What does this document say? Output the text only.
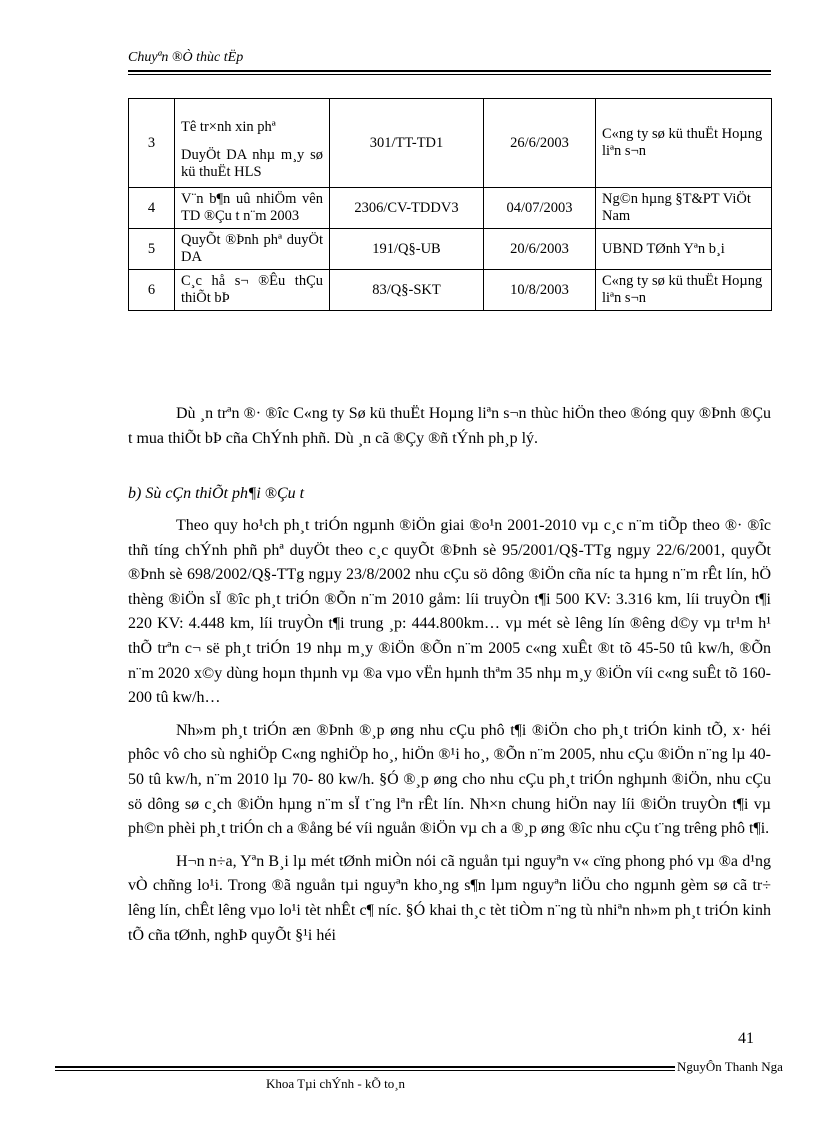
Chuyªn ®Ò thùc tËp
3	Tê tr×nh xin phª
DuyÖt DA nhµ m¸y sø kü thuËt HLS	301/TT-TD1	26/6/2003	C«ng ty sø kü thuËt Hoµng liªn s¬n
4	V¨n b¶n uû nhiÖm vên TD ®Çu t n¨m 2003	2306/CV-TDDV3	04/07/2003	Ng©n hµng §T&PT ViÖt Nam
5	QuyÕt ®Þnh phª duyÖt DA	191/Q§-UB	20/6/2003	UBND TØnh Yªn b¸i
6	C¸c hå s¬ ®Êu thÇu thiÕt bÞ	83/Q§-SKT	10/8/2003	C«ng ty sø kü thuËt Hoµng liªn s¬n

Dù ¸n trªn ®· ®îc C«ng ty Sø kü thuËt Hoµng liªn s¬n thùc hiÖn theo ®óng quy ®Þnh ®Çu t mua thiÕt bÞ cña ChÝnh phñ. Dù ¸n cã ®Çy ®ñ tÝnh ph¸p lý.

b) Sù cÇn thiÕt ph¶i ®Çu t

Theo quy ho¹ch ph¸t triÓn ngµnh ®iÖn giai ®o¹n 2001-2010 vµ c¸c n¨m tiÕp theo ®· ®îc thñ tíng chÝnh phñ phª duyÖt theo c¸c quyÕt ®Þnh sè 95/2001/Q§-TTg ngµy 22/6/2001, quyÕt ®Þnh sè 698/2002/Q§-TTg ngµy 23/8/2002 nhu cÇu sö dông ®iÖn cña níc ta hµng n¨m rÊt lín, hÖ thèng ®iÖn sÏ ®îc ph¸t triÓn ®Õn n¨m 2010 gåm: líi truyÒn t¶i 500 KV: 3.316 km, líi truyÒn t¶i 220 KV: 4.448 km, líi truyÒn t¶i trung ¸p: 444.800km… vµ mét sè lêng lín ®êng d©y vµ tr¹m h¹ thÕ trªn c¬ së ph¸t triÓn 19 nhµ m¸y ®iÖn ®Õn n¨m 2005 c«ng xuÊt ®t tõ 45-50 tû kw/h, ®Õn n¨m 2020 x©y dùng hoµn thµnh vµ ®a vµo vËn hµnh thªm 35 nhµ m¸y ®iÖn víi c«ng suÊt tõ 160- 200 tû kw/h…

Nh»m ph¸t triÓn æn ®Þnh ®¸p øng nhu cÇu phô t¶i ®iÖn cho ph¸t triÓn kinh tÕ, x· héi phôc vô cho sù nghiÖp C«ng nghiÖp ho¸, hiÖn ®¹i ho¸, ®Õn n¨m 2005, nhu cÇu ®iÖn n¨ng lµ 40- 50 tû kw/h, n¨m 2010 lµ 70- 80 kw/h. §Ó ®¸p øng cho nhu cÇu ph¸t triÓn nghµnh ®iÖn, nhu cÇu sö dông sø c¸ch ®iÖn hµng n¨m sÏ t¨ng lªn rÊt lín. Nh×n chung hiÖn nay líi ®iÖn truyÒn t¶i vµ ph©n phèi ph¸t triÓn ch a ®ång bé víi nguån ®iÖn vµ ch a ®¸p øng ®îc nhu cÇu t¨ng trêng phô t¶i.

H¬n n÷a, Yªn B¸i lµ mét tØnh miÒn nói cã nguån tµi nguyªn v« cïng phong phó vµ ®a d¹ng vÒ chñng lo¹i. Trong ®ã nguån tµi nguyªn kho¸ng s¶n lµm nguyªn liÖu cho ngµnh gèm sø cã tr÷ lêng lín, chÊt lêng vµo lo¹i tèt nhÊt c¶ níc. §Ó khai th¸c tèt tiÒm n¨ng tù nhiªn nh»m ph¸t triÓn kinh tÕ cña tØnh, nghÞ quyÕt §¹i héi

41
NguyÔn Thanh Nga
Khoa Tµi chÝnh - kÕ to¸n
